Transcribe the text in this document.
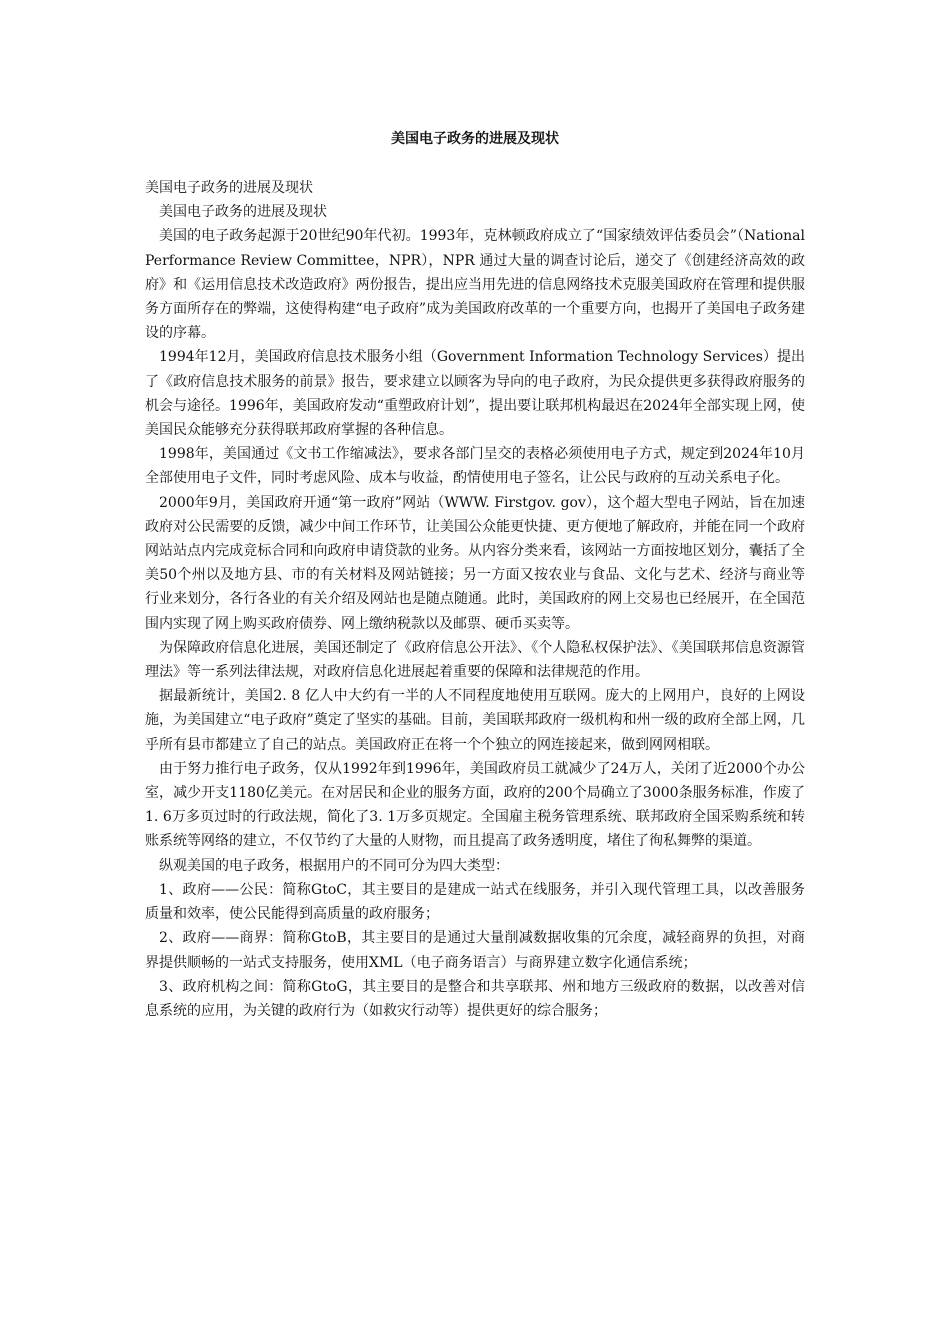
美国电子政务的进展及现状

美国电子政务的进展及现状

美国电子政务的进展及现状

美国的电子政务起源于20世纪90年代初。1993年，克林顿政府成立了“国家绩效评估委员会”（National Performance Review Committee，NPR），NPR 通过大量的调查讨论后，递交了《创建经济高效的政府》和《运用信息技术改造政府》两份报告，提出应当用先进的信息网络技术克服美国政府在管理和提供服务方面所存在的弊端，这使得构建“电子政府”成为美国政府改革的一个重要方向，也揭开了美国电子政务建设的序幕。

1994年12月，美国政府信息技术服务小组（Government Information Technology Services）提出了《政府信息技术服务的前景》报告，要求建立以顾客为导向的电子政府，为民众提供更多获得政府服务的机会与途径。1996年，美国政府发动“重塑政府计划”，提出要让联邦机构最迟在2024年全部实现上网，使美国民众能够充分获得联邦政府掌握的各种信息。

1998年，美国通过《文书工作缩减法》，要求各部门呈交的表格必须使用电子方式，规定到2024年10月全部使用电子文件，同时考虑风险、成本与收益，酌情使用电子签名，让公民与政府的互动关系电子化。

2000年9月，美国政府开通“第一政府”网站（WWW. Firstgov. gov），这个超大型电子网站，旨在加速政府对公民需要的反馈，减少中间工作环节，让美国公众能更快捷、更方便地了解政府，并能在同一个政府网站站点内完成竞标合同和向政府申请贷款的业务。从内容分类来看，该网站一方面按地区划分，囊括了全美50个州以及地方县、市的有关材料及网站链接；另一方面又按农业与食品、文化与艺术、经济与商业等行业来划分，各行各业的有关介绍及网站也是随点随通。此时，美国政府的网上交易也已经展开，在全国范围内实现了网上购买政府债券、网上缴纳税款以及邮票、硬币买卖等。

为保障政府信息化进展，美国还制定了《政府信息公开法》、《个人隐私权保护法》、《美国联邦信息资源管理法》等一系列法律法规，对政府信息化进展起着重要的保障和法律规范的作用。

据最新统计，美国2. 8 亿人中大约有一半的人不同程度地使用互联网。庞大的上网用户，良好的上网设施，为美国建立“电子政府”奠定了坚实的基础。目前，美国联邦政府一级机构和州一级的政府全部上网，几乎所有县市都建立了自己的站点。美国政府正在将一个个独立的网连接起来，做到网网相联。

由于努力推行电子政务，仅从1992年到1996年，美国政府员工就减少了24万人，关闭了近2000个办公室，减少开支1180亿美元。在对居民和企业的服务方面，政府的200个局确立了3000条服务标准，作废了1. 6万多页过时的行政法规，简化了3. 1万多页规定。全国雇主税务管理系统、联邦政府全国采购系统和转账系统等网络的建立，不仅节约了大量的人财物，而且提高了政务透明度，堵住了徇私舞弊的渠道。

纵观美国的电子政务，根据用户的不同可分为四大类型：

1、政府——公民：简称GtoC，其主要目的是建成一站式在线服务，并引入现代管理工具，以改善服务质量和效率，使公民能得到高质量的政府服务；

2、政府——商界：简称GtoB，其主要目的是通过大量削减数据收集的冗余度，减轻商界的负担，对商界提供顺畅的一站式支持服务，使用XML（电子商务语言）与商界建立数字化通信系统；

3、政府机构之间：简称GtoG，其主要目的是整合和共享联邦、州和地方三级政府的数据，以改善对信息系统的应用，为关键的政府行为（如救灾行动等）提供更好的综合服务；
